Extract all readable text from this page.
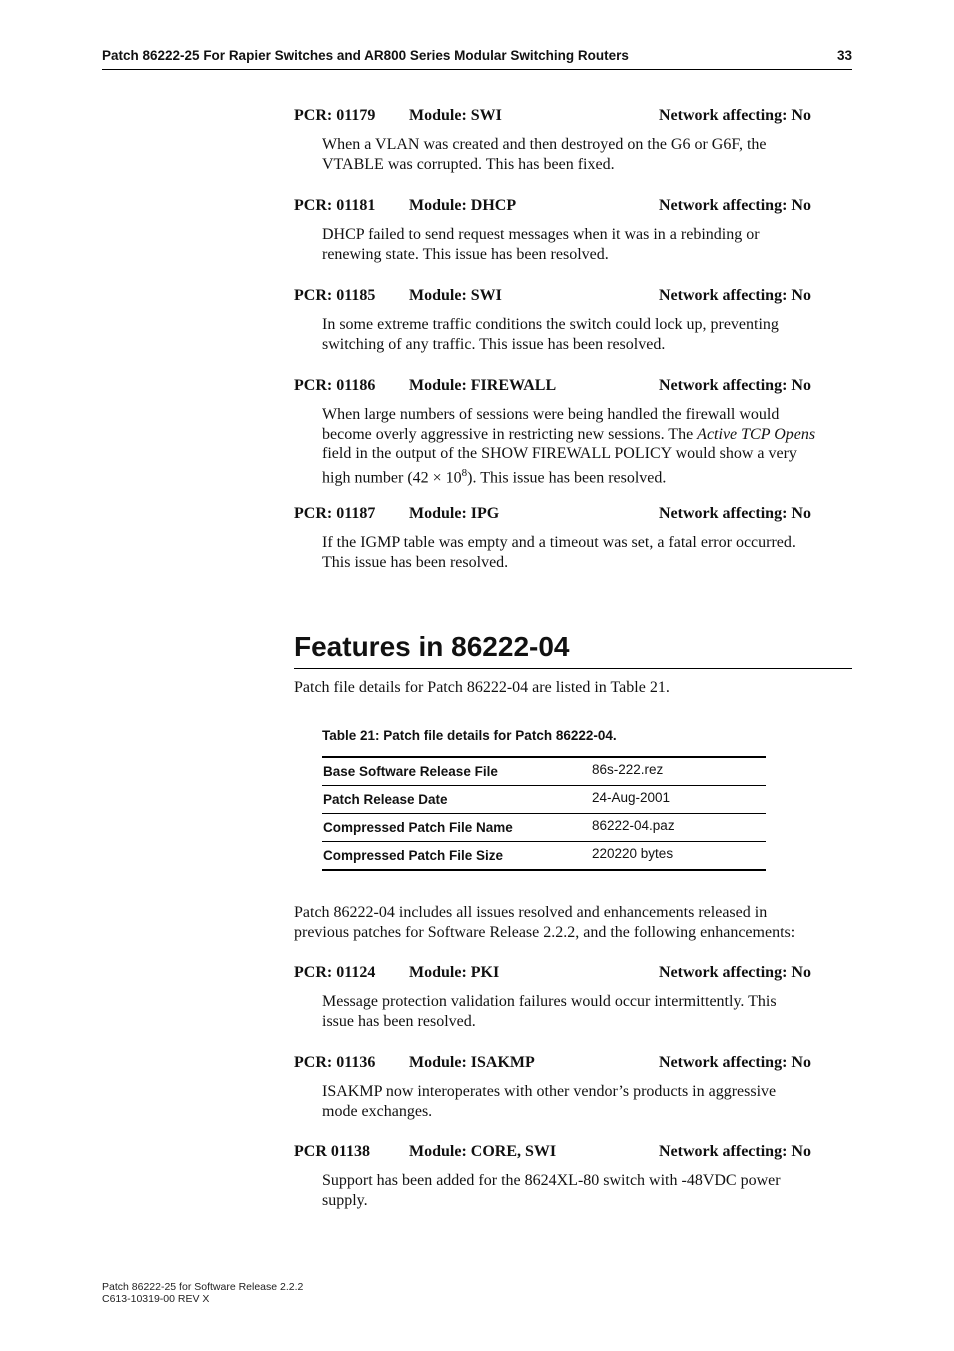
Patch 86222-25 For Rapier Switches and AR800 Series Modular Switching Routers	33
PCR: 01179 Module: SWI	Network affecting: No

When a VLAN was created and then destroyed on the G6 or G6F, the

VTABLE was corrupted. This has been fixed.

PCR: 01181 Module: DHCP	Network affecting: No

DHCP failed to send request messages when it was in a rebinding or

renewing state. This issue has been resolved.

PCR: 01185 Module: SWI	Network affecting: No

In some extreme traffic conditions the switch could lock up, preventing

switching of any traffic. This issue has been resolved.

PCR: 01186 Module: FIREWALL	Network affecting: No

When large numbers of sessions were being handled the firewall would

become overly aggressive in restricting new sessions. The Active TCP Opens

field in the output of the SHOW FIREWALL POLICY would show a very

high number $(42 \times 10^8)$. This issue has been resolved.

PCR: 01187 Module: IPG	Network affecting: No

If the IGMP table was empty and a timeout was set, a fatal error occurred.

This issue has been resolved.

Features in 86222-04
Patch file details for Patch 86222-04 are listed in Table 21.
Table 21: Patch file details for Patch 86222-04.
Base Software Release File	86s-222.rez
Patch Release Date	24-Aug-2001
Compressed Patch File Name	86222-04.paz
Compressed Patch File Size	220220 bytes

Patch 86222-04 includes all issues resolved and enhancements released in

previous patches for Software Release 2.2.2, and the following enhancements:

PCR: 01124 Module: PKI	Network affecting: No

Message protection validation failures would occur intermittently. This

issue has been resolved.

PCR: 01136 Module: ISAKMP	Network affecting: No

ISAKMP now interoperates with other vendor’s products in aggressive

mode exchanges.

PCR 01138 Module: CORE, SWI	Network affecting: No

Support has been added for the 8624XL-80 switch with -48VDC power

supply.

Patch 86222-25 for Software Release 2.2.2
C613-10319-00 REV X
